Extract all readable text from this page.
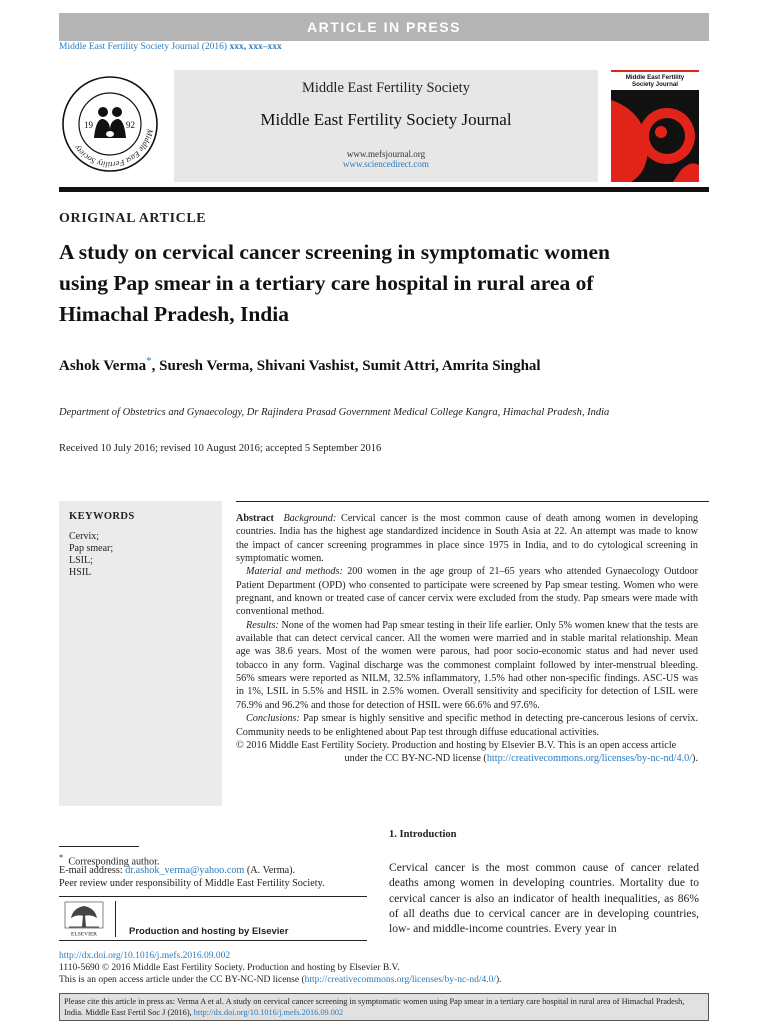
ARTICLE IN PRESS
Middle East Fertility Society Journal (2016) xxx, xxx–xxx
Middle East Fertility Society
19	92
Middle East Fertility Society
Middle East Fertility Society Journal
www.mefsjournal.org
www.sciencedirect.com
Middle East Fertility
Society Journal
ORIGINAL ARTICLE
A study on cervical cancer screening in symptomatic women using Pap smear in a tertiary care hospital in rural area of Himachal Pradesh, India
Ashok Verma*, Suresh Verma, Shivani Vashist, Sumit Attri, Amrita Singhal
Department of Obstetrics and Gynaecology, Dr Rajindera Prasad Government Medical College Kangra, Himachal Pradesh, India
Received 10 July 2016; revised 10 August 2016; accepted 5 September 2016
KEYWORDS
Cervix;
Pap smear;
LSIL;
HSIL

Abstract Background: Cervical cancer is the most common cause of death among women in developing countries. India has the highest age standardized incidence in South Asia at 22. An attempt was made to know the impact of cancer screening programmes in place since 1975 in India, and to do cytological screening in symptomatic women.

Material and methods: 200 women in the age group of 21–65 years who attended Gynaecology Outdoor Patient Department (OPD) who consented to participate were screened by Pap smear testing. Women who were pregnant, and known or treated case of cancer cervix were excluded from the study. Pap smears were made with conventional method.

Results: None of the women had Pap smear testing in their life earlier. Only 5% women knew that the tests are available that can detect cervical cancer. All the women were married and in stable marital relationship. Mean age was 38.6 years. Most of the women were parous, had poor socio-economic status and had never used tobacco in any form. Vaginal discharge was the commonest complaint followed by inter-menstrual bleeding. 56% smears were reported as NILM, 32.5% inflammatory, 1.5% had other non-specific findings. ASC-US was in 1%, LSIL in 5.5% and HSIL in 2.5% women. Overall sensitivity and specificity for detection of LSIL were 76.9% and 96.2% and those for detection of HSIL were 66.6% and 97.6%.

Conclusions: Pap smear is highly sensitive and specific method in detecting pre-cancerous lesions of cervix. Community needs to be enlightened about Pap test through diffuse educational activities.

© 2016 Middle East Fertility Society. Production and hosting by Elsevier B.V. This is an open access article

under the CC BY-NC-ND license (http://creativecommons.org/licenses/by-nc-nd/4.0/).

1. Introduction
Cervical cancer is the most common cause of cancer related deaths among women in developing countries. Mortality due to cervical cancer is also an indicator of health inequalities, as 86% of all deaths due to cervical cancer are in developing countries, low- and middle-income countries. Every year in
* Corresponding author.
E-mail address: dr.ashok_verma@yahoo.com (A. Verma).
Peer review under responsibility of Middle East Fertility Society.
ELSEVIER	Production and hosting by Elsevier
http://dx.doi.org/10.1016/j.mefs.2016.09.002
1110-5690 © 2016 Middle East Fertility Society. Production and hosting by Elsevier B.V.
This is an open access article under the CC BY-NC-ND license (http://creativecommons.org/licenses/by-nc-nd/4.0/).
Please cite this article in press as: Verma A et al. A study on cervical cancer screening in symptomatic women using Pap smear in a tertiary care hospital in rural area of Himachal Pradesh, India. Middle East Fertil Soc J (2016), http://dx.doi.org/10.1016/j.mefs.2016.09.002
